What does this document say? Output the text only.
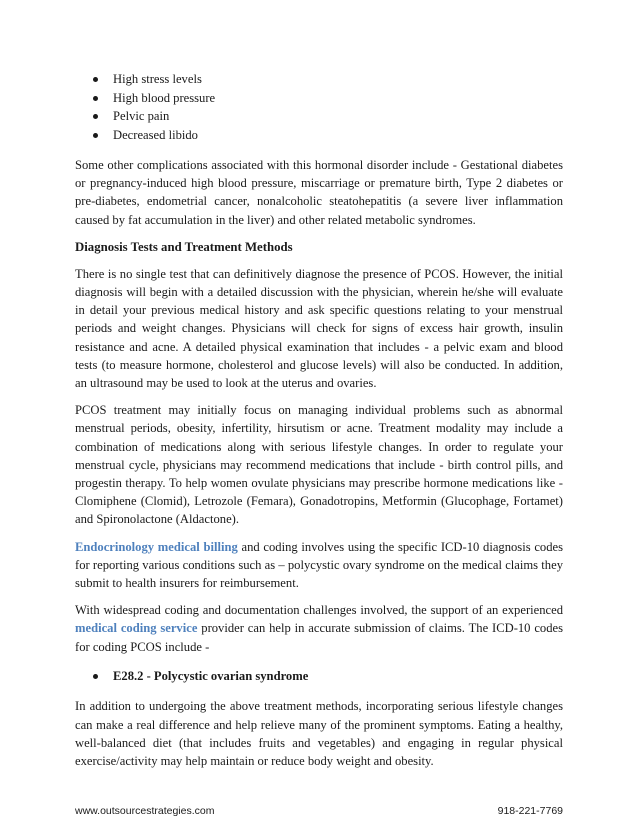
High stress levels
High blood pressure
Pelvic pain
Decreased libido

Some other complications associated with this hormonal disorder include - Gestational diabetes or pregnancy-induced high blood pressure, miscarriage or premature birth, Type 2 diabetes or pre-diabetes, endometrial cancer, nonalcoholic steatohepatitis (a severe liver inflammation caused by fat accumulation in the liver) and other related metabolic syndromes.

Diagnosis Tests and Treatment Methods

There is no single test that can definitively diagnose the presence of PCOS. However, the initial diagnosis will begin with a detailed discussion with the physician, wherein he/she will evaluate in detail your previous medical history and ask specific questions relating to your menstrual periods and weight changes. Physicians will check for signs of excess hair growth, insulin resistance and acne. A detailed physical examination that includes - a pelvic exam and blood tests (to measure hormone, cholesterol and glucose levels) will also be conducted. In addition, an ultrasound may be used to look at the uterus and ovaries.

PCOS treatment may initially focus on managing individual problems such as abnormal menstrual periods, obesity, infertility, hirsutism or acne. Treatment modality may include a combination of medications along with serious lifestyle changes. In order to regulate your menstrual cycle, physicians may recommend medications that include - birth control pills, and progestin therapy. To help women ovulate physicians may prescribe hormone medications like - Clomiphene (Clomid), Letrozole (Femara), Gonadotropins, Metformin (Glucophage, Fortamet) and Spironolactone (Aldactone).

Endocrinology medical billing and coding involves using the specific ICD-10 diagnosis codes for reporting various conditions such as – polycystic ovary syndrome on the medical claims they submit to health insurers for reimbursement.

With widespread coding and documentation challenges involved, the support of an experienced medical coding service provider can help in accurate submission of claims. The ICD-10 codes for coding PCOS include -

E28.2 - Polycystic ovarian syndrome

In addition to undergoing the above treatment methods, incorporating serious lifestyle changes can make a real difference and help relieve many of the prominent symptoms. Eating a healthy, well-balanced diet (that includes fruits and vegetables) and engaging in regular physical exercise/activity may help maintain or reduce body weight and obesity.

www.outsourcestrategies.com	918-221-7769
